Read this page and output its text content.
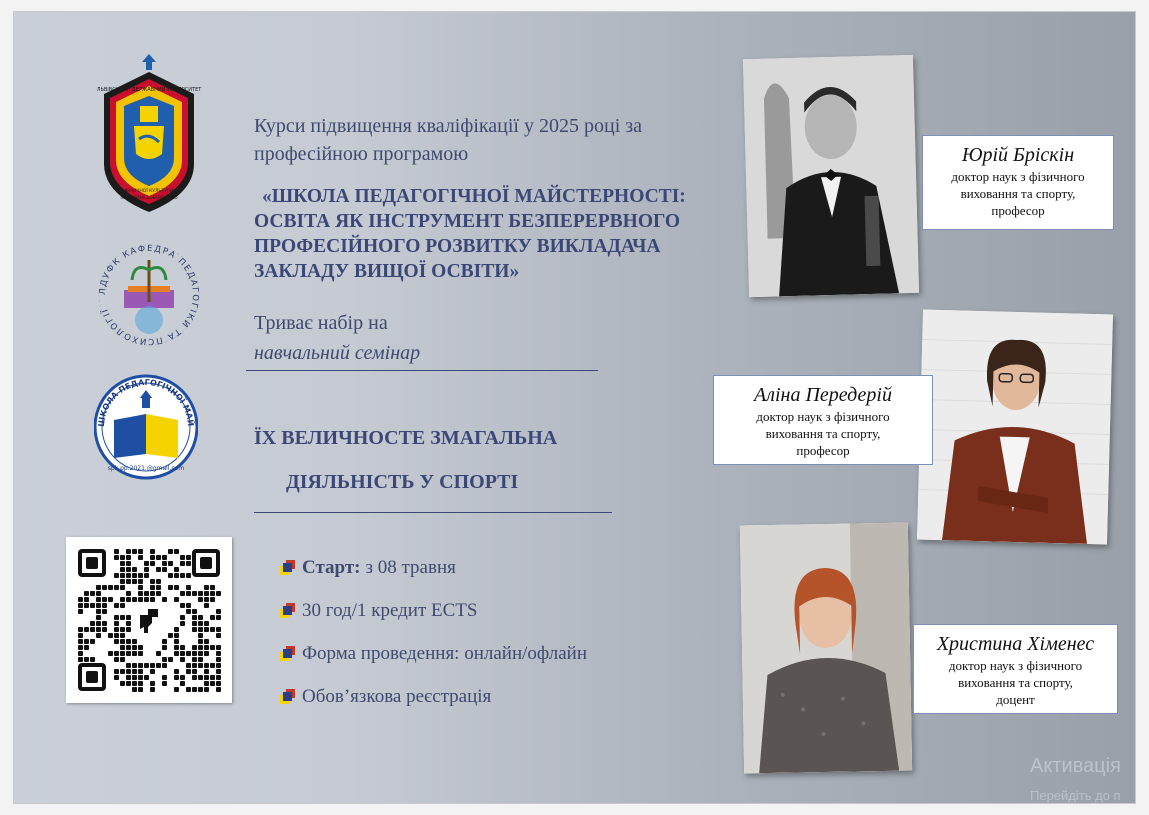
ЛЬВІВСЬКИЙ ДЕРЖАВНИЙ УНІВЕРСИТЕТ
ФІЗИЧНОЇ КУЛЬТУРИ
ІМЕНІ ІВАНА БОБЕРСЬКОГО
ЛДУФК КАФЕДРА ПЕДАГОГІКИ ТА ПСИХОЛОГІЇ
ШКОЛА ПЕДАГОГІЧНОЇ МАЙ
spk.pp.2021.@gmail.com
Курси підвищення кваліфікації у 2025 році за
професійною програмою
«ШКОЛА ПЕДАГОГІЧНОЇ МАЙСТЕРНОСТІ:
ОСВІТА ЯК ІНСТРУМЕНТ БЕЗПЕРЕРВНОГО
ПРОФЕСІЙНОГО РОЗВИТКУ ВИКЛАДАЧА
ЗАКЛАДУ ВИЩОЇ ОСВІТИ»
Триває набір на
навчальний семінар
ЇХ ВЕЛИЧНОСТЕ ЗМАГАЛЬНА
ДІЯЛЬНІСТЬ У СПОРТІ
Старт: з 08 травня
30 год/1 кредит ECTS
Форма проведення: онлайн/офлайн
Обов’язкова реєстрація
Юрій Бріскін
доктор наук з фізичного
виховання та спорту,
професор
Аліна Передерій
доктор наук з фізичного
виховання та спорту,
професор
Христина Хіменес
доктор наук з фізичного
виховання та спорту,
доцент
Активація
Перейдіть до п
